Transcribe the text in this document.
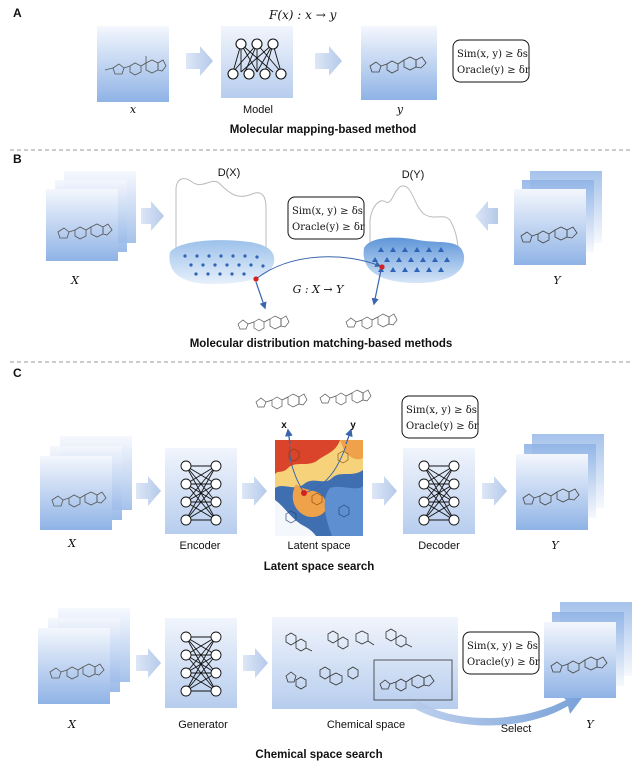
A	F(x) : x → y
x	Model	y
Sim(x, y) ≥ δs
Oracle(y) ≥ δr
Molecular mapping-based method
B
X
D(X)	D(Y)
Sim(x, y) ≥ δs
Oracle(y) ≥ δr
G : X → Y
Y
Molecular distribution matching-based methods
C
X	Encoder
x	y
Latent space	Decoder
Sim(x, y) ≥ δs
Oracle(y) ≥ δr
Y
Latent space search
X	Generator	Chemical space
Sim(x, y) ≥ δs
Oracle(y) ≥ δr
Select	Y
Chemical space search
